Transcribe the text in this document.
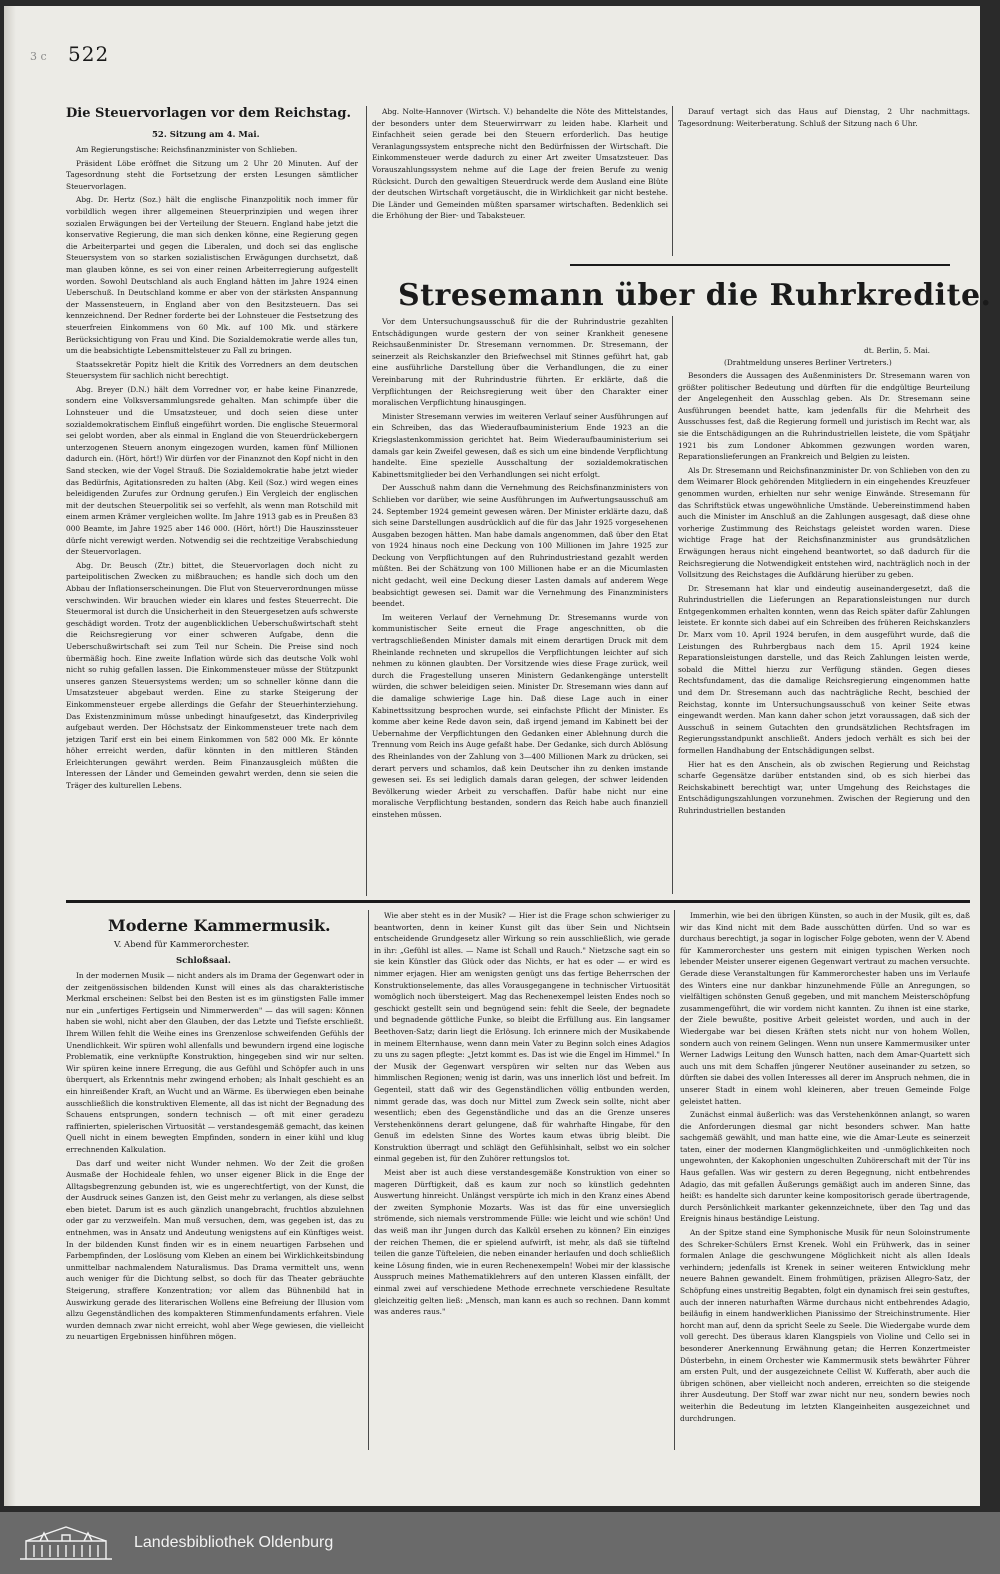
3 c 522
Die Steuervorlagen vor dem Reichstag.
52. Sitzung am 4. Mai.

Am Regierungstische: Reichsfinanzminister von Schlieben.

Präsident Löbe eröffnet die Sitzung um 2 Uhr 20 Minuten. Auf der Tagesordnung steht die Fortsetzung der ersten Lesungen sämtlicher Steuervorlagen.

Abg. Dr. Hertz (Soz.) hält die englische Finanzpolitik noch immer für vorbildlich wegen ihrer allgemeinen Steuerprinzipien und wegen ihrer sozialen Erwägungen bei der Verteilung der Steuern. England habe jetzt die konservative Regierung, die man sich denken könne, eine Regierung gegen die Arbeiterpartei und gegen die Liberalen, und doch sei das englische Steuersystem von so starken sozialistischen Erwägungen durchsetzt, daß man glauben könne, es sei von einer reinen Arbeiterregierung aufgestellt worden. Sowohl Deutschland als auch England hätten im Jahre 1924 einen Ueberschuß. In Deutschland komme er aber von der stärksten Anspannung der Massensteuern, in England aber von den Besitzsteuern. Das sei kennzeichnend. Der Redner forderte bei der Lohnsteuer die Festsetzung des steuerfreien Einkommens von 60 Mk. auf 100 Mk. und stärkere Berücksichtigung von Frau und Kind. Die Sozialdemokratie werde alles tun, um die beabsichtigte Lebensmittelsteuer zu Fall zu bringen.

Staatssekretär Popitz hielt die Kritik des Vorredners an dem deutschen Steuersystem für sachlich nicht berechtigt.

Abg. Breyer (D.N.) hält dem Vorredner vor, er habe keine Finanzrede, sondern eine Volksversammlungsrede gehalten. Man schimpfe über die Lohnsteuer und die Umsatzsteuer, und doch seien diese unter sozialdemokratischem Einfluß eingeführt worden. Die englische Steuermoral sei gelobt worden, aber als einmal in England die von Steuerdrückebergern unterzogenen Steuern anonym eingezogen wurden, kamen fünf Millionen dadurch ein. (Hört, hört!) Wir dürfen vor der Finanznot den Kopf nicht in den Sand stecken, wie der Vogel Strauß. Die Sozialdemokratie habe jetzt wieder das Bedürfnis, Agitationsreden zu halten (Abg. Keil (Soz.) wird wegen eines beleidigenden Zurufes zur Ordnung gerufen.) Ein Vergleich der englischen mit der deutschen Steuerpolitik sei so verfehlt, als wenn man Rotschild mit einem armen Krämer vergleichen wollte. Im Jahre 1913 gab es in Preußen 83 000 Beamte, im Jahre 1925 aber 146 000. (Hört, hört!) Die Hauszinssteuer dürfe nicht verewigt werden. Notwendig sei die rechtzeitige Verabschiedung der Steuervorlagen.

Abg. Dr. Beusch (Ztr.) bittet, die Steuervorlagen doch nicht zu parteipolitischen Zwecken zu mißbrauchen; es handle sich doch um den Abbau der Inflationserscheinungen. Die Flut von Steuerverordnungen müsse verschwinden. Wir brauchen wieder ein klares und festes Steuerrecht. Die Steuermoral ist durch die Unsicherheit in den Steuergesetzen aufs schwerste geschädigt worden. Trotz der augenblicklichen Ueberschußwirtschaft steht die Reichsregierung vor einer schweren Aufgabe, denn die Ueberschußwirtschaft sei zum Teil nur Schein. Die Preise sind noch übermäßig hoch. Eine zweite Inflation würde sich das deutsche Volk wohl nicht so ruhig gefallen lassen. Die Einkommensteuer müsse der Stützpunkt unseres ganzen Steuersystems werden; um so schneller könne dann die Umsatzsteuer abgebaut werden. Eine zu starke Steigerung der Einkommensteuer ergebe allerdings die Gefahr der Steuerhinterziehung. Das Existenzminimum müsse unbedingt hinaufgesetzt, das Kinderprivileg aufgebaut werden. Der Höchstsatz der Einkommensteuer trete nach dem jetzigen Tarif erst ein bei einem Einkommen von 582 000 Mk. Er könnte höher erreicht werden, dafür könnten in den mittleren Ständen Erleichterungen gewährt werden. Beim Finanzausgleich müßten die Interessen der Länder und Gemeinden gewahrt werden, denn sie seien die Träger des kulturellen Lebens.

Abg. Nolte-Hannover (Wirtsch. V.) behandelte die Nöte des Mittelstandes, der besonders unter dem Steuerwirrwarr zu leiden habe. Klarheit und Einfachheit seien gerade bei den Steuern erforderlich. Das heutige Veranlagungssystem entspreche nicht den Bedürfnissen der Wirtschaft. Die Einkommensteuer werde dadurch zu einer Art zweiter Umsatzsteuer. Das Vorauszahlungssystem nehme auf die Lage der freien Berufe zu wenig Rücksicht. Durch den gewaltigen Steuerdruck werde dem Ausland eine Blüte der deutschen Wirtschaft vorgetäuscht, die in Wirklichkeit gar nicht bestehe. Die Länder und Gemeinden müßten sparsamer wirtschaften. Bedenklich sei die Erhöhung der Bier- und Tabaksteuer.

Darauf vertagt sich das Haus auf Dienstag, 2 Uhr nachmittags. Tagesordnung: Weiterberatung. Schluß der Sitzung nach 6 Uhr.

Stresemann über die Ruhrkredite.

Vor dem Untersuchungsausschuß für die der Ruhrindustrie gezahlten Entschädigungen wurde gestern der von seiner Krankheit genesene Reichsaußenminister Dr. Stresemann vernommen. Dr. Stresemann, der seinerzeit als Reichskanzler den Briefwechsel mit Stinnes geführt hat, gab eine ausführliche Darstellung über die Verhandlungen, die zu einer Vereinbarung mit der Ruhrindustrie führten. Er erklärte, daß die Verpflichtungen der Reichsregierung weit über den Charakter einer moralischen Verpflichtung hinausgingen.

Minister Stresemann verwies im weiteren Verlauf seiner Ausführungen auf ein Schreiben, das das Wiederaufbauministerium Ende 1923 an die Kriegslastenkommission gerichtet hat. Beim Wiederaufbauministerium sei damals gar kein Zweifel gewesen, daß es sich um eine bindende Verpflichtung handelte. Eine spezielle Ausschaltung der sozialdemokratischen Kabinettsmitglieder bei den Verhandlungen sei nicht erfolgt.

Der Ausschuß nahm dann die Vernehmung des Reichsfinanzministers von Schlieben vor darüber, wie seine Ausführungen im Aufwertungsausschuß am 24. September 1924 gemeint gewesen wären. Der Minister erklärte dazu, daß sich seine Darstellungen ausdrücklich auf die für das Jahr 1925 vorgesehenen Ausgaben bezogen hätten. Man habe damals angenommen, daß über den Etat von 1924 hinaus noch eine Deckung von 100 Millionen im Jahre 1925 zur Deckung von Verpflichtungen auf den Ruhrindustriestand gezahlt werden müßten. Bei der Schätzung von 100 Millionen habe er an die Micumlasten nicht gedacht, weil eine Deckung dieser Lasten damals auf anderem Wege beabsichtigt gewesen sei. Damit war die Vernehmung des Finanzministers beendet.

Im weiteren Verlauf der Vernehmung Dr. Stresemanns wurde von kommunistischer Seite erneut die Frage angeschnitten, ob die vertragschließenden Minister damals mit einem derartigen Druck mit dem Rheinlande rechneten und skrupellos die Verpflichtungen leichter auf sich nehmen zu können glaubten. Der Vorsitzende wies diese Frage zurück, weil durch die Fragestellung unseren Ministern Gedankengänge unterstellt würden, die schwer beleidigen seien. Minister Dr. Stresemann wies dann auf die damalige schwierige Lage hin. Daß diese Lage auch in einer Kabinettssitzung besprochen wurde, sei einfachste Pflicht der Minister. Es komme aber keine Rede davon sein, daß irgend jemand im Kabinett bei der Uebernahme der Verpflichtungen den Gedanken einer Ablehnung durch die Trennung vom Reich ins Auge gefaßt habe. Der Gedanke, sich durch Ablösung des Rheinlandes von der Zahlung von 3—400 Millionen Mark zu drücken, sei derart pervers und schamlos, daß kein Deutscher ihn zu denken imstande gewesen sei. Es sei lediglich damals daran gelegen, der schwer leidenden Bevölkerung wieder Arbeit zu verschaffen. Dafür habe nicht nur eine moralische Verpflichtung bestanden, sondern das Reich habe auch finanziell einstehen müssen.

dt. Berlin, 5. Mai.
(Drahtmeldung unseres Berliner Vertreters.)

Besonders die Aussagen des Außenministers Dr. Stresemann waren von größter politischer Bedeutung und dürften für die endgültige Beurteilung der Angelegenheit den Ausschlag geben. Als Dr. Stresemann seine Ausführungen beendet hatte, kam jedenfalls für die Mehrheit des Ausschusses fest, daß die Regierung formell und juristisch im Recht war, als sie die Entschädigungen an die Ruhrindustriellen leistete, die vom Spätjahr 1921 bis zum Londoner Abkommen gezwungen worden waren, Reparationslieferungen an Frankreich und Belgien zu leisten.

Als Dr. Stresemann und Reichsfinanzminister Dr. von Schlieben von den zu dem Weimarer Block gehörenden Mitgliedern in ein eingehendes Kreuzfeuer genommen wurden, erhielten nur sehr wenige Einwände. Stresemann für das Schriftstück etwas ungewöhnliche Umstände. Uebereinstimmend haben auch die Minister im Anschluß an die Zahlungen ausgesagt, daß diese ohne vorherige Zustimmung des Reichstags geleistet worden waren. Diese wichtige Frage hat der Reichsfinanzminister aus grundsätzlichen Erwägungen heraus nicht eingehend beantwortet, so daß dadurch für die Reichsregierung die Notwendigkeit entstehen wird, nachträglich noch in der Vollsitzung des Reichstages die Aufklärung hierüber zu geben.

Dr. Stresemann hat klar und eindeutig auseinandergesetzt, daß die Ruhrindustriellen die Lieferungen an Reparationsleistungen nur durch Entgegenkommen erhalten konnten, wenn das Reich später dafür Zahlungen leistete. Er konnte sich dabei auf ein Schreiben des früheren Reichskanzlers Dr. Marx vom 10. April 1924 berufen, in dem ausgeführt wurde, daß die Leistungen des Ruhrbergbaus nach dem 15. April 1924 keine Reparationsleistungen darstelle, und das Reich Zahlungen leisten werde, sobald die Mittel hierzu zur Verfügung ständen. Gegen dieses Rechtsfundament, das die damalige Reichsregierung eingenommen hatte und dem Dr. Stresemann auch das nachträgliche Recht, beschied der Reichstag, konnte im Untersuchungsausschuß von keiner Seite etwas eingewandt werden. Man kann daher schon jetzt voraussagen, daß sich der Ausschuß in seinem Gutachten den grundsätzlichen Rechtsfragen im Regierungsstandpunkt anschließt. Anders jedoch verhält es sich bei der formellen Handhabung der Entschädigungen selbst.

Hier hat es den Anschein, als ob zwischen Regierung und Reichstag scharfe Gegensätze darüber entstanden sind, ob es sich hierbei das Reichskabinett berechtigt war, unter Umgehung des Reichstages die Entschädigungszahlungen vorzunehmen. Zwischen der Regierung und den Ruhrindustriellen bestanden

Moderne Kammermusik.
V. Abend für Kammerorchester.
Schloßsaal.

In der modernen Musik — nicht anders als im Drama der Gegenwart oder in der zeitgenössischen bildenden Kunst will eines als das charakteristische Merkmal erscheinen: Selbst bei den Besten ist es im günstigsten Falle immer nur ein „unfertiges Fertigsein und Nimmerwerden" — das will sagen: Können haben sie wohl, nicht aber den Glauben, der das Letzte und Tiefste erschließt. Ihrem Willen fehlt die Weihe eines ins Grenzenlose schweifenden Gefühls der Unendlichkeit. Wir spüren wohl allenfalls und bewundern irgend eine logische Problematik, eine verknüpfte Konstruktion, hingegeben sind wir nur selten. Wir spüren keine innere Erregung, die aus Gefühl und Schöpfer auch in uns überquert, als Erkenntnis mehr zwingend erhoben; als Inhalt geschieht es an ein hinreißender Kraft, an Wucht und an Wärme. Es überwiegen eben beinahe ausschließlich die konstruktiven Elemente, all das ist nicht der Begnadung des Schauens entsprungen, sondern technisch — oft mit einer geradezu raffinierten, spielerischen Virtuosität — verstandesgemäß gemacht, das keinen Quell nicht in einem bewegten Empfinden, sondern in einer kühl und klug errechnenden Kalkulation.

Das darf und weiter nicht Wunder nehmen. Wo der Zeit die großen Ausmaße der Hochideale fehlen, wo unser eigener Blick in die Enge der Alltagsbegrenzung gebunden ist, wie es ungerechtfertigt, von der Kunst, die der Ausdruck seines Ganzen ist, den Geist mehr zu verlangen, als diese selbst eben bietet. Darum ist es auch gänzlich unangebracht, fruchtlos abzulehnen oder gar zu verzweifeln. Man muß versuchen, dem, was gegeben ist, das zu entnehmen, was in Ansatz und Andeutung wenigstens auf ein Künftiges weist. In der bildenden Kunst finden wir es in einem neuartigen Farbsehen und Farbempfinden, der Loslösung vom Kleben an einem bei Wirklichkeitsbindung unmittelbar nachmalendem Naturalismus. Das Drama vermittelt uns, wenn auch weniger für die Dichtung selbst, so doch für das Theater gebräuchte Steigerung, straffere Konzentration; vor allem das Bühnenbild hat in Auswirkung gerade des literarischen Wollens eine Befreiung der Illusion vom allzu Gegenständlichen des kompakteren Stimmenfundaments erfahren. Viele wurden demnach zwar nicht erreicht, wohl aber Wege gewiesen, die vielleicht zu neuartigen Ergebnissen hinführen mögen.

Wie aber steht es in der Musik? — Hier ist die Frage schon schwieriger zu beantworten, denn in keiner Kunst gilt das über Sein und Nichtsein entscheidende Grundgesetz aller Wirkung so rein ausschließlich, wie gerade in ihr: „Gefühl ist alles. — Name ist Schall und Rauch." Nietzsche sagt ein so sie kein Künstler das Glück oder das Nichts, er hat es oder — er wird es nimmer erjagen. Hier am wenigsten genügt uns das fertige Beherrschen der Konstruktionselemente, das alles Vorausgegangene in technischer Virtuosität womöglich noch übersteigert. Mag das Rechenexempel leisten Endes noch so geschickt gestellt sein und begnügend sein: fehlt die Seele, der begnadete und begnadende göttliche Funke, so bleibt die Erfüllung aus. Ein langsamer Beethoven-Satz; darin liegt die Erlösung. Ich erinnere mich der Musikabende in meinem Elternhause, wenn dann mein Vater zu Beginn solch eines Adagios zu uns zu sagen pflegte: „Jetzt kommt es. Das ist wie die Engel im Himmel." In der Musik der Gegenwart verspüren wir selten nur das Weben aus himmlischen Regionen; wenig ist darin, was uns innerlich löst und befreit. Im Gegenteil, statt daß wir des Gegenständlichen völlig entbunden werden, nimmt gerade das, was doch nur Mittel zum Zweck sein sollte, nicht aber wesentlich; eben des Gegenständliche und das an die Grenze unseres Verstehenkönnens derart gelungene, daß für wahrhafte Hingabe, für den Genuß im edelsten Sinne des Wortes kaum etwas übrig bleibt. Die Konstruktion überragt und schlägt den Gefühlsinhalt, selbst wo ein solcher einmal gegeben ist, für den Zuhörer rettungslos tot.

Meist aber ist auch diese verstandesgemäße Konstruktion von einer so mageren Dürftigkeit, daß es kaum zur noch so künstlich gedehnten Auswertung hinreicht. Unlängst verspürte ich mich in den Kranz eines Abend der zweiten Symphonie Mozarts. Was ist das für eine unversieglich strömende, sich niemals verstrommende Fülle: wie leicht und wie schön! Und das weiß man ihr Jungen durch das Kalkül ersehen zu können? Ein einziges der reichen Themen, die er spielend aufwirft, ist mehr, als daß sie tüftelnd teilen die ganze Tüfteleien, die neben einander herlaufen und doch schließlich keine Lösung finden, wie in euren Rechenexempeln! Wobei mir der klassische Ausspruch meines Mathematiklehrers auf den unteren Klassen einfällt, der einmal zwei auf verschiedene Methode errechnete verschiedene Resultate gleichzeitig gelten ließ: „Mensch, man kann es auch so rechnen. Dann kommt was anderes raus."

Immerhin, wie bei den übrigen Künsten, so auch in der Musik, gilt es, daß wir das Kind nicht mit dem Bade ausschütten dürfen. Und so war es durchaus berechtigt, ja sogar in logischer Folge geboten, wenn der V. Abend für Kammerorchester uns gestern mit einigen typischen Werken noch lebender Meister unserer eigenen Gegenwart vertraut zu machen versuchte. Gerade diese Veranstaltungen für Kammerorchester haben uns im Verlaufe des Winters eine nur dankbar hinzunehmende Fülle an Anregungen, so vielfältigen schönsten Genuß gegeben, und mit manchem Meisterschöpfung zusammengeführt, die wir vordem nicht kannten. Zu ihnen ist eine starke, der Ziele bewußte, positive Arbeit geleistet worden, und auch in der Wiedergabe war bei diesen Kräften stets nicht nur von hohem Wollen, sondern auch von reinem Gelingen. Wenn nun unsere Kammermusiker unter Werner Ladwigs Leitung den Wunsch hatten, nach dem Amar-Quartett sich auch uns mit dem Schaffen jüngerer Neutöner auseinander zu setzen, so dürften sie dabei des vollen Interesses all derer im Anspruch nehmen, die in unserer Stadt in einem wohl kleineren, aber treuen Gemeinde Folge geleistet hatten.

Zunächst einmal äußerlich: was das Verstehenkönnen anlangt, so waren die Anforderungen diesmal gar nicht besonders schwer. Man hatte sachgemäß gewählt, und man hatte eine, wie die Amar-Leute es seinerzeit taten, einer der modernen Klangmöglichkeiten und -unmöglichkeiten noch ungewohnten, der Kakophonien ungeschulten Zuhörerschaft mit der Tür ins Haus gefallen. Was wir gestern zu deren Begegnung, nicht entbehrendes Adagio, das mit gefallen Äußerungs gemäßigt auch im anderen Sinne, das heißt: es handelte sich darunter keine kompositorisch gerade übertragende, durch Persönlichkeit markanter gekennzeichnete, über den Tag und das Ereignis hinaus beständige Leistung.

An der Spitze stand eine Symphonische Musik für neun Soloinstrumente des Schreker-Schülers Ernst Krenek. Wohl ein Frühwerk, das in seiner formalen Anlage die geschwungene Möglichkeit nicht als allen Ideals verhindern; jedenfalls ist Krenek in seiner weiteren Entwicklung mehr neuere Bahnen gewandelt. Einem frohmütigen, präzisen Allegro-Satz, der Schöpfung eines unstreitig Begabten, folgt ein dynamisch frei sein gestuftes, auch der inneren naturhaften Wärme durchaus nicht entbehrendes Adagio, beiläufig in einem handwerklichen Pianissimo der Streichinstrumente. Hier horcht man auf, denn da spricht Seele zu Seele. Die Wiedergabe wurde dem voll gerecht. Des überaus klaren Klangspiels von Violine und Cello sei in besonderer Anerkennung Erwähnung getan; die Herren Konzertmeister Düsterbehn, in einem Orchester wie Kammermusik stets bewährter Führer am ersten Pult, und der ausgezeichnete Cellist W. Kufferath, aber auch die übrigen schönen, aber vielleicht noch anderen, erreichten so die steigende ihrer Ausdeutung. Der Stoff war zwar nicht nur neu, sondern bewies noch weiterhin die Bedeutung im letzten Klangeinheiten ausgezeichnet und durchdrungen.

Landesbibliothek Oldenburg
